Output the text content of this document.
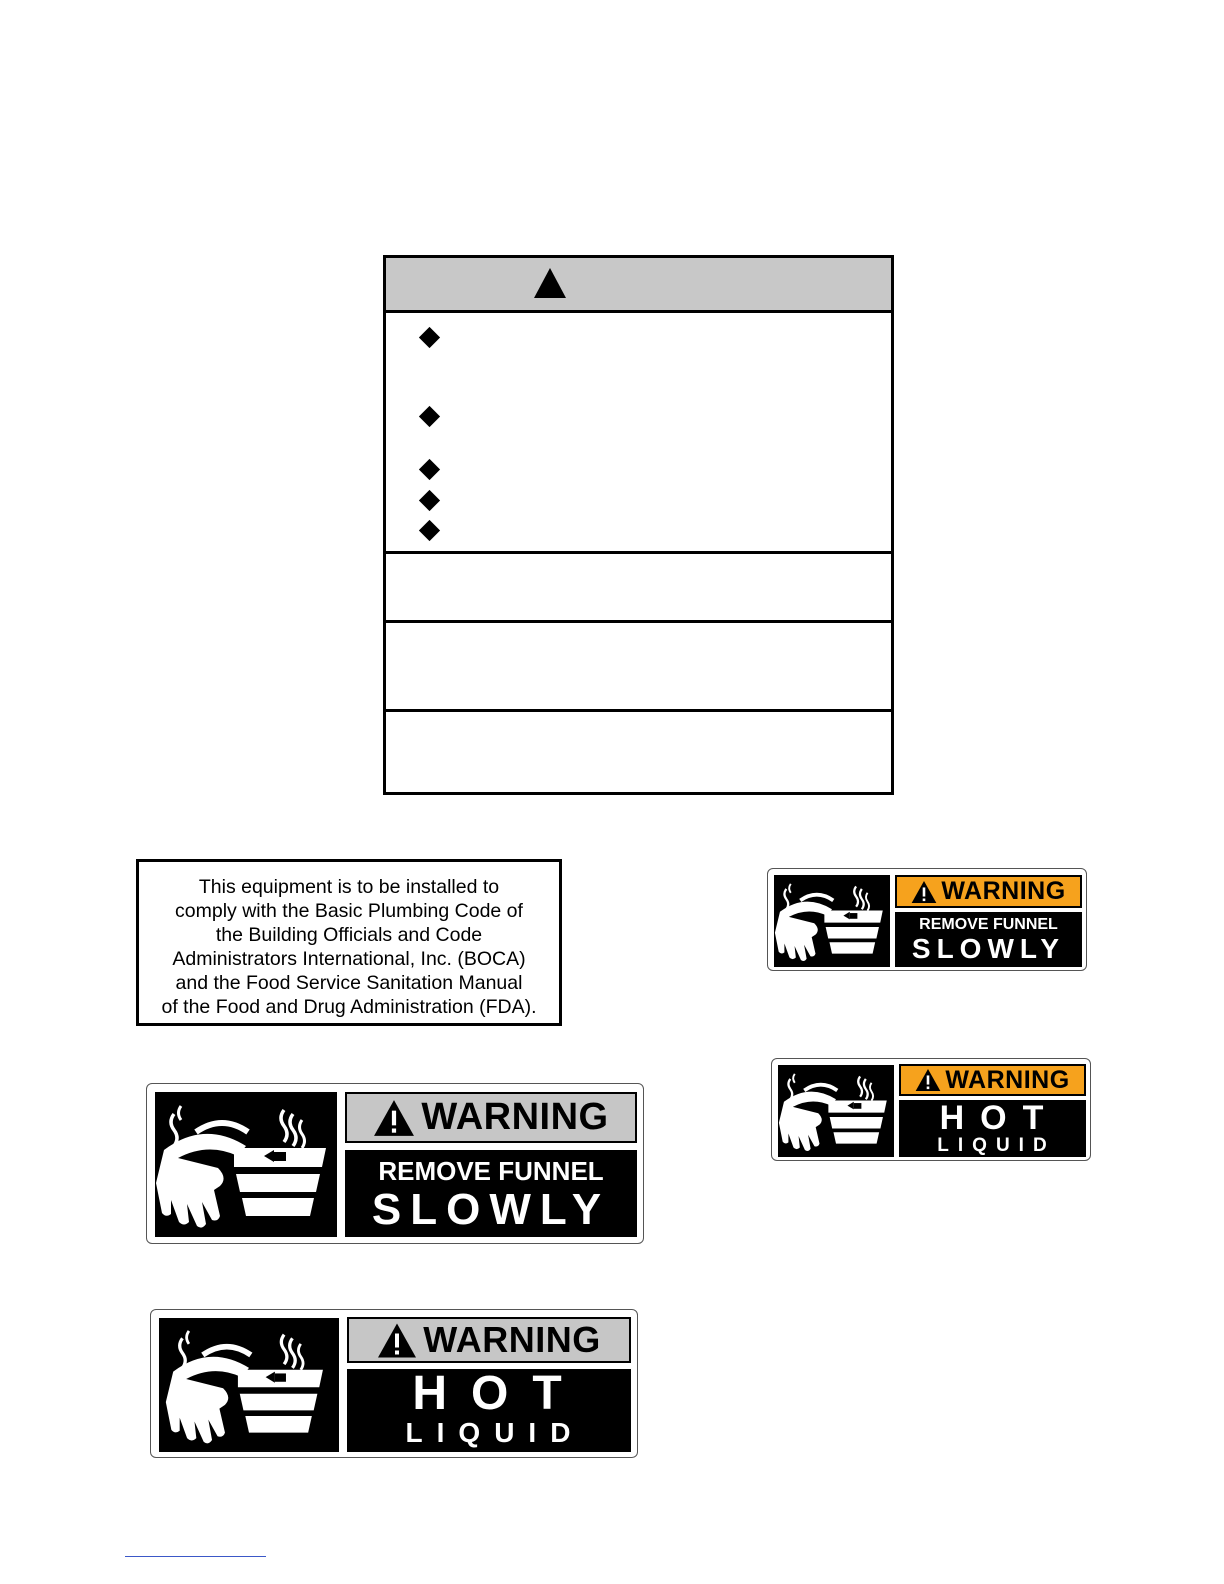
This equipment is to be installed to
comply with the Basic Plumbing Code of
the Building Officials and Code
Administrators International, Inc. (BOCA)
and the Food Service Sanitation Manual
of the Food and Drug Administration (FDA).
WARNING
REMOVE FUNNEL
SLOWLY
WARNING
HOT
LIQUID
WARNING
REMOVE FUNNEL
SLOWLY
WARNING
HOT
LIQUID
